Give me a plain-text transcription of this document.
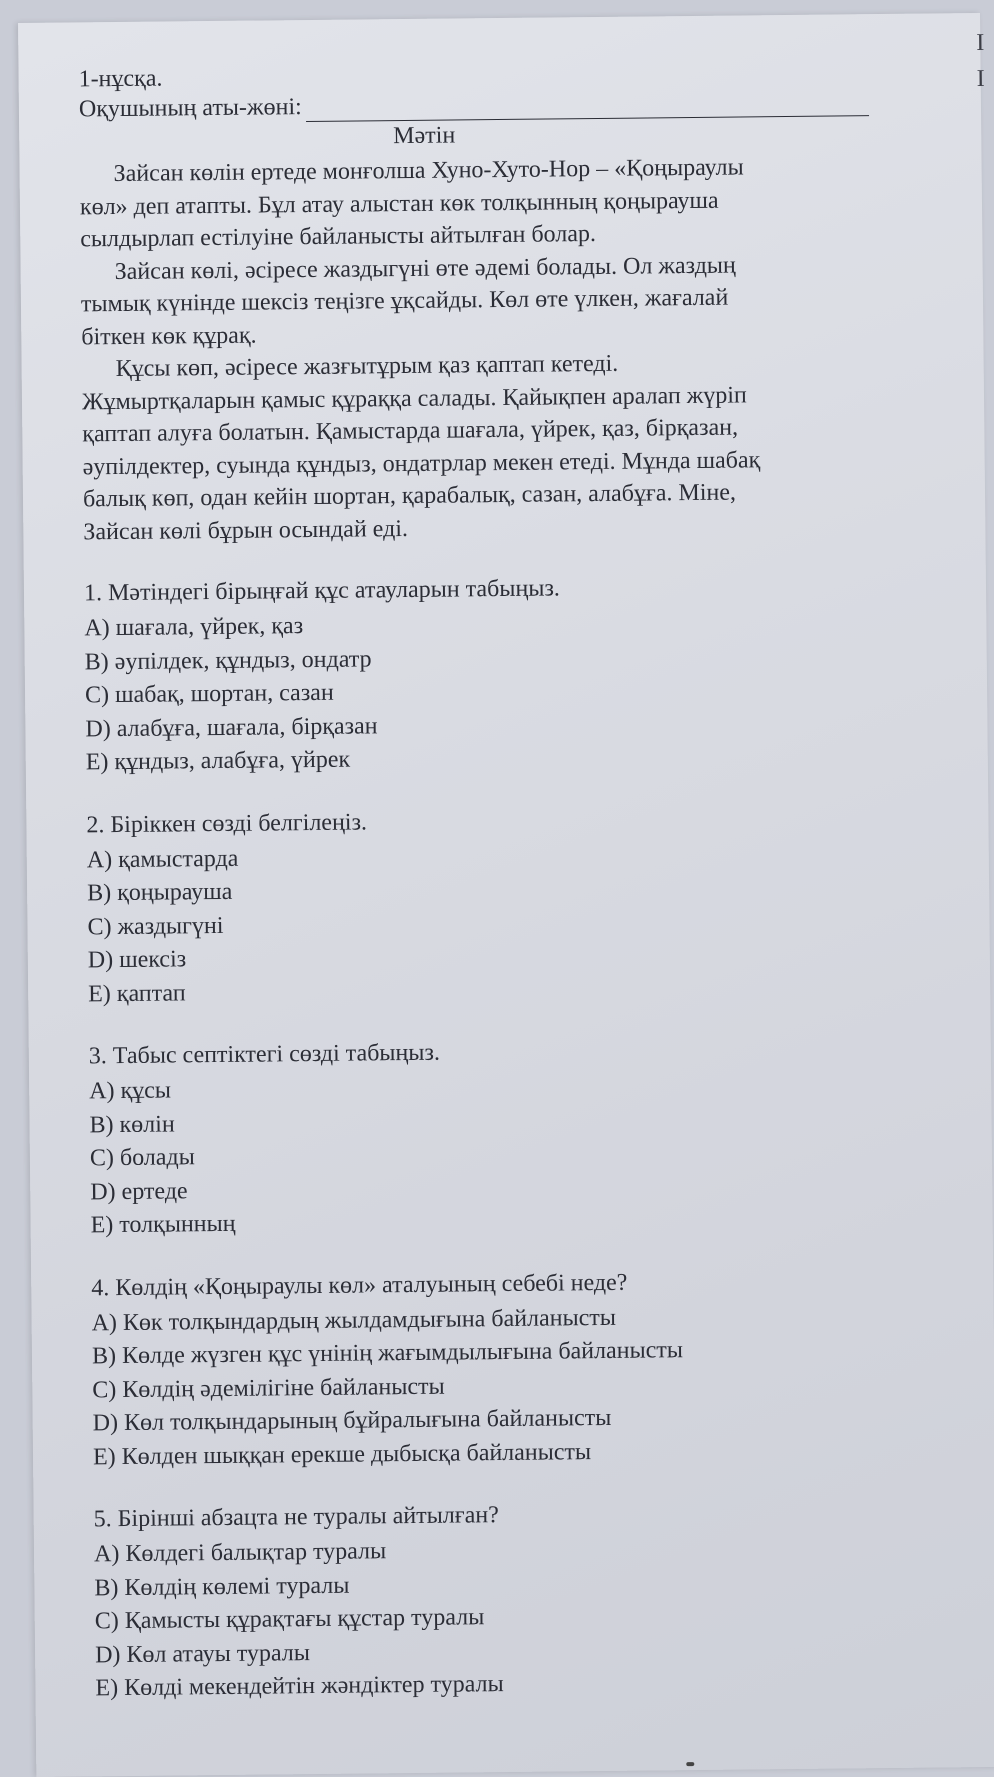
I
I
1-нұсқа.
Оқушының аты-жөні:
Мәтін
Зайсан көлін ертеде монғолша Хуно-Хуто-Нор – «Қоңыраулы
көл» деп атапты. Бұл атау алыстан көк толқынның қоңырауша
сылдырлап естілуіне байланысты айтылған болар.
Зайсан көлі, әсіресе жаздыгүні өте әдемі болады. Ол жаздың
тымық күнінде шексіз теңізге ұқсайды. Көл өте үлкен, жағалай
біткен көк құрақ.
Құсы көп, әсіресе жазғытұрым қаз қаптап кетеді.
Жұмыртқаларын қамыс құраққа салады. Қайықпен аралап жүріп
қаптап алуға болатын. Қамыстарда шағала, үйрек, қаз, бірқазан,
әупілдектер, суында құндыз, ондатрлар мекен етеді. Мұнда шабақ
балық көп, одан кейін шортан, қарабалық, сазан, алабұға. Міне,
Зайсан көлі бұрын осындай еді.
1. Мәтіндегі бірыңғай құс атауларын табыңыз.
A) шағала, үйрек, қаз
B) әупілдек, құндыз, ондатр
C) шабақ, шортан, сазан
D) алабұға, шағала, бірқазан
E) құндыз, алабұға, үйрек
2. Біріккен сөзді белгілеңіз.
A) қамыстарда
B) қоңырауша
C) жаздыгүні
D) шексіз
E) қаптап
3. Табыс септіктегі сөзді табыңыз.
A) құсы
B) көлін
C) болады
D) ертеде
E) толқынның
4. Көлдің «Қоңыраулы көл» аталуының себебі неде?
A) Көк толқындардың жылдамдығына байланысты
B) Көлде жүзген құс үнінің жағымдылығына байланысты
C) Көлдің әдемілігіне байланысты
D) Көл толқындарының бұйралығына байланысты
E) Көлден шыққан ерекше дыбысқа байланысты
5. Бірінші абзацта не туралы айтылған?
A) Көлдегі балықтар туралы
B) Көлдің көлемі туралы
C) Қамысты құрақтағы құстар туралы
D) Көл атауы туралы
E) Көлді мекендейтін жәндіктер туралы
